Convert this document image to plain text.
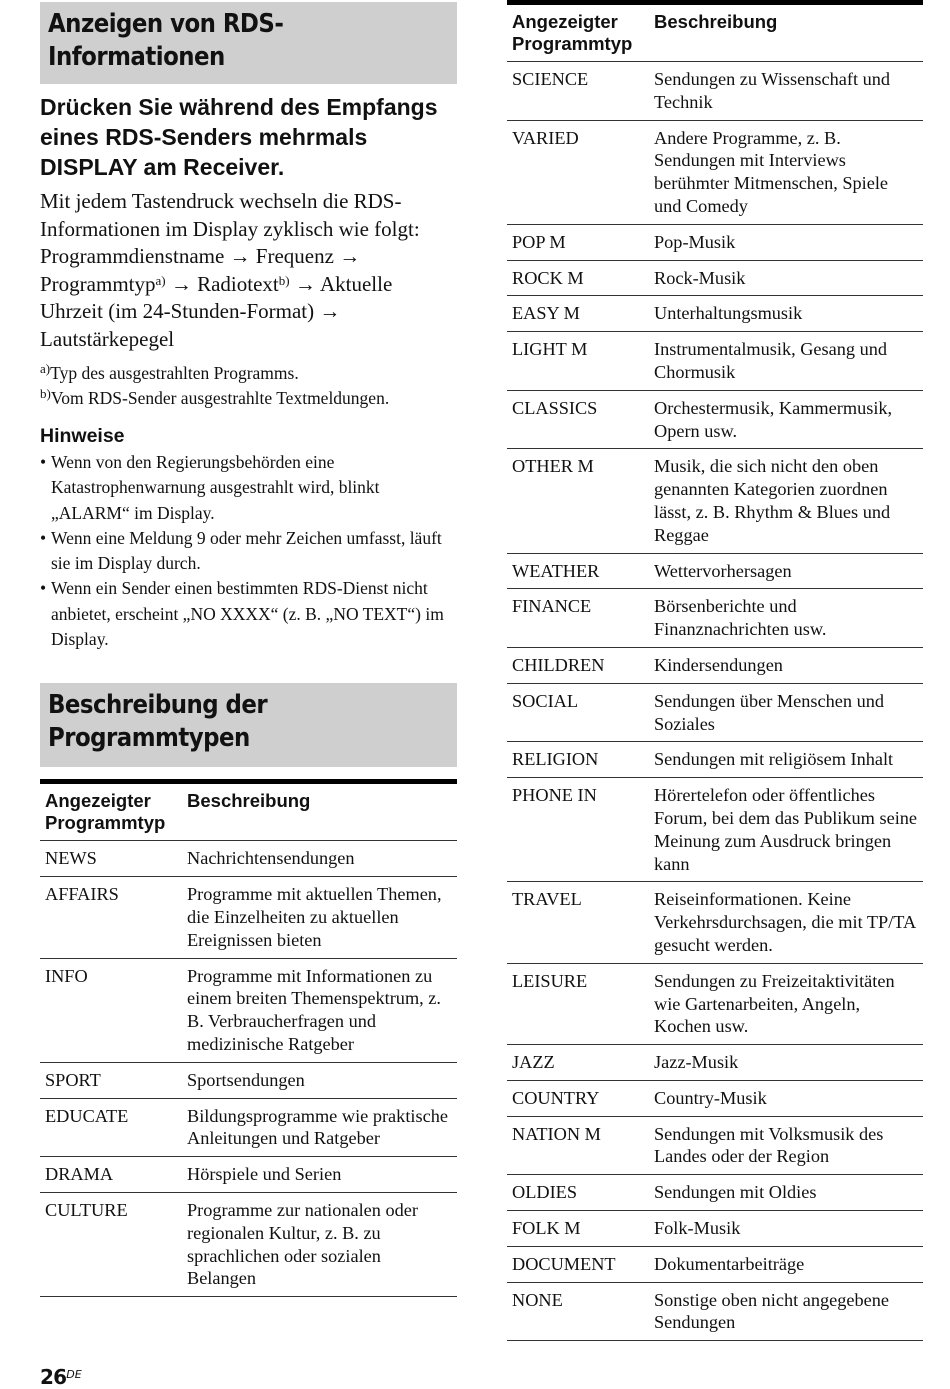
Anzeigen von RDS-
Informationen

Drücken Sie während des Empfangs eines RDS-Senders mehrmals DISPLAY am Receiver.

Mit jedem Tastendruck wechseln die RDS-Informationen im Display zyklisch wie folgt: Programmdienstname → Frequenz → Programmtyp$^{a)}$ → Radiotext$^{b)}$ → Aktuelle Uhrzeit (im 24-Stunden-Format) → Lautstärkepegel

$^{a)}$Typ des ausgestrahlten Programms.

$^{b)}$Vom RDS-Sender ausgestrahlte Textmeldungen.

Hinweise
• Wenn von den Regierungsbehörden eine Katastrophenwarnung ausgestrahlt wird, blinkt „ALARM“ im Display.
• Wenn eine Meldung 9 oder mehr Zeichen umfasst, läuft sie im Display durch.
• Wenn ein Sender einen bestimmten RDS-Dienst nicht anbietet, erscheint „NO XXXX“ (z. B. „NO TEXT“) im Display.
Beschreibung der
Programmtypen
Angezeigter
Programmtyp	Beschreibung
NEWS	Nachrichtensendungen
AFFAIRS	Programme mit aktuellen Themen, die Einzelheiten zu aktuellen Ereignissen bieten
INFO	Programme mit Informationen zu einem breiten Themenspektrum, z. B. Verbraucherfragen und medizinische Ratgeber
SPORT	Sportsendungen
EDUCATE	Bildungsprogramme wie praktische Anleitungen und Ratgeber
DRAMA	Hörspiele und Serien
CULTURE	Programme zur nationalen oder regionalen Kultur, z. B. zu sprachlichen oder sozialen Belangen
Angezeigter
Programmtyp	Beschreibung
SCIENCE	Sendungen zu Wissenschaft und Technik
VARIED	Andere Programme, z. B. Sendungen mit Interviews berühmter Mitmenschen, Spiele und Comedy
POP M	Pop-Musik
ROCK M	Rock-Musik
EASY M	Unterhaltungsmusik
LIGHT M	Instrumentalmusik, Gesang und Chormusik
CLASSICS	Orchestermusik, Kammermusik, Opern usw.
OTHER M	Musik, die sich nicht den oben genannten Kategorien zuordnen lässt, z. B. Rhythm & Blues und Reggae
WEATHER	Wettervorhersagen
FINANCE	Börsenberichte und Finanznachrichten usw.
CHILDREN	Kindersendungen
SOCIAL	Sendungen über Menschen und Soziales
RELIGION	Sendungen mit religiösem Inhalt
PHONE IN	Hörertelefon oder öffentliches Forum, bei dem das Publikum seine Meinung zum Ausdruck bringen kann
TRAVEL	Reiseinformationen. Keine Verkehrsdurchsagen, die mit TP/TA gesucht werden.
LEISURE	Sendungen zu Freizeitaktivitäten wie Gartenarbeiten, Angeln, Kochen usw.
JAZZ	Jazz-Musik
COUNTRY	Country-Musik
NATION M	Sendungen mit Volksmusik des Landes oder der Region
OLDIES	Sendungen mit Oldies
FOLK M	Folk-Musik
DOCUMENT	Dokumentarbeiträge
NONE	Sonstige oben nicht angegebene Sendungen
26DE
